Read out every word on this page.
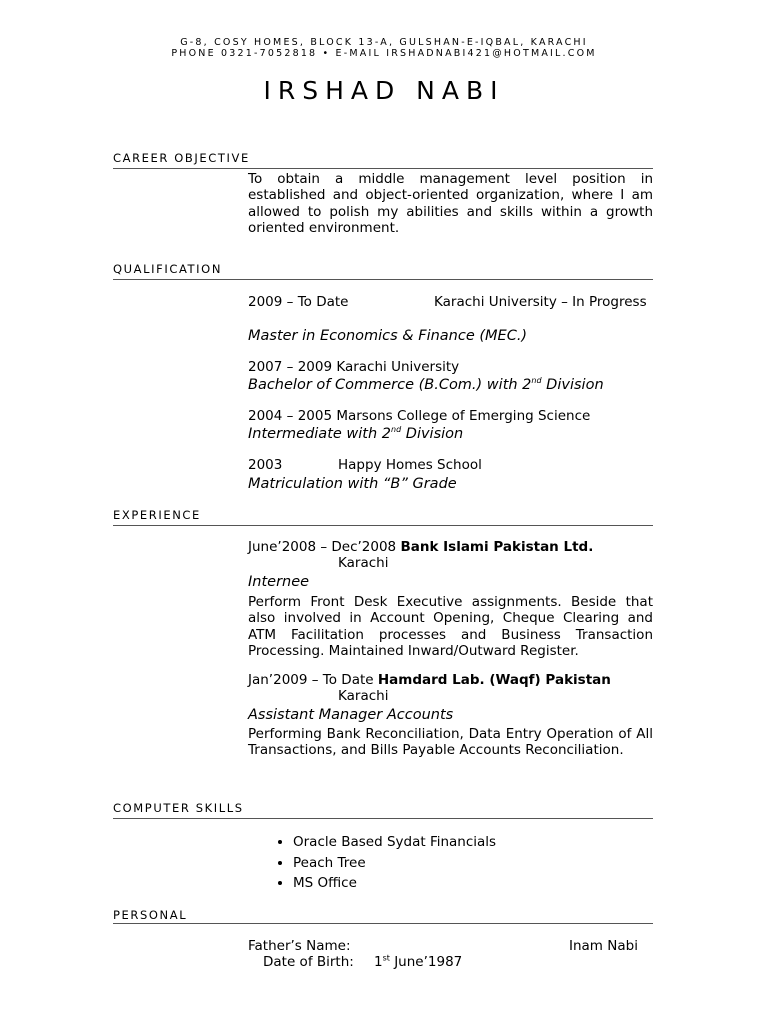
G-8, COSY HOMES, BLOCK 13-A, GULSHAN-E-IQBAL, KARACHI
PHONE 0321-7052818 • E-MAIL IRSHADNABI421@HOTMAIL.COM
IRSHAD NABI
CAREER OBJECTIVE
To obtain a middle management level position in established and object-oriented organization, where I am allowed to polish my abilities and skills within a growth oriented environment.
QUALIFICATION
2009 – To Date	Karachi University – In Progress
Master in Economics & Finance (MEC.)
2007 – 2009 Karachi University
Bachelor of Commerce (B.Com.) with 2nd Division
2004 – 2005 Marsons College of Emerging Science
Intermediate with 2nd Division
2003	Happy Homes School
Matriculation with “B” Grade
EXPERIENCE
June’2008 – Dec’2008 Bank Islami Pakistan Ltd.
Karachi
Internee
Perform Front Desk Executive assignments. Beside that also involved in Account Opening, Cheque Clearing and ATM Facilitation processes and Business Transaction Processing. Maintained Inward/Outward Register.
Jan’2009 – To Date Hamdard Lab. (Waqf) Pakistan
Karachi
Assistant Manager Accounts
Performing Bank Reconciliation, Data Entry Operation of All Transactions, and Bills Payable Accounts Reconciliation.
COMPUTER SKILLS
• Oracle Based Sydat Financials
• Peach Tree
• MS Office
PERSONAL
Father’s Name:	Inam Nabi
Date of Birth: 1st June’1987
